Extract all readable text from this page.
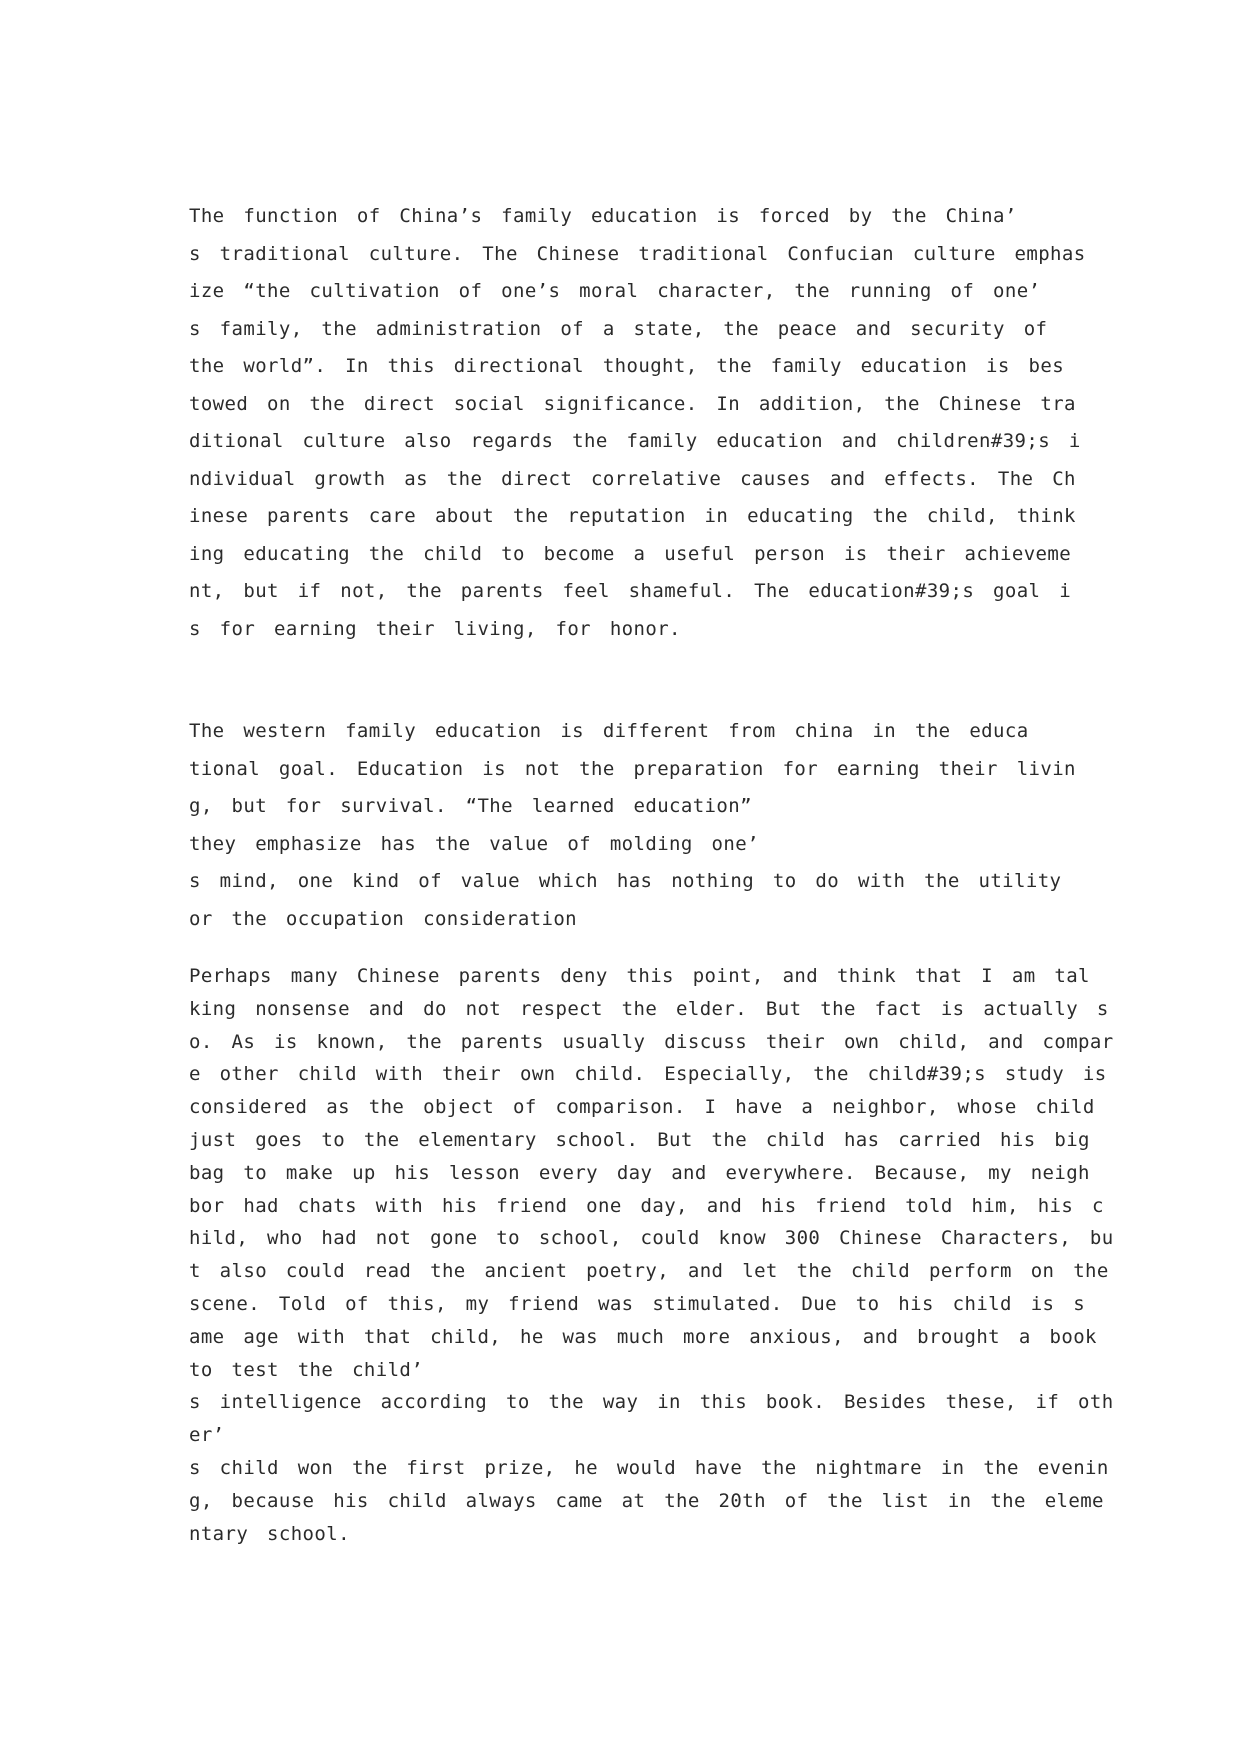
The function of China’s family education is forced by the China’
s traditional culture. The Chinese traditional Confucian culture emphas
ize “the cultivation of one’s moral character, the running of one’
s family, the administration of a state, the peace and security of
the world”. In this directional thought, the family education is bes
towed on the direct social significance. In addition, the Chinese tra
ditional culture also regards the family education and children#39;s i
ndividual growth as the direct correlative causes and effects. The Ch
inese parents care about the reputation in educating the child, think
ing educating the child to become a useful person is their achieveme
nt, but if not, the parents feel shameful. The education#39;s goal i
s for earning their living, for honor.
The western family education is different from china in the educa
tional goal. Education is not the preparation for earning their livin
g, but for survival. “The learned education”
they emphasize has the value of molding one’
s mind, one kind of value which has nothing to do with the utility
or the occupation consideration
Perhaps many Chinese parents deny this point, and think that I am tal
king nonsense and do not respect the elder. But the fact is actually s
o. As is known, the parents usually discuss their own child, and compar
e other child with their own child. Especially, the child#39;s study is
considered as the object of comparison. I have a neighbor, whose child
just goes to the elementary school. But the child has carried his big
bag to make up his lesson every day and everywhere. Because, my neigh
bor had chats with his friend one day, and his friend told him, his c
hild, who had not gone to school, could know 300 Chinese Characters, bu
t also could read the ancient poetry, and let the child perform on the
scene. Told of this, my friend was stimulated. Due to his child is s
ame age with that child, he was much more anxious, and brought a book
to test the child’
s intelligence according to the way in this book. Besides these, if oth
er’
s child won the first prize, he would have the nightmare in the evenin
g, because his child always came at the 20th of the list in the eleme
ntary school.
